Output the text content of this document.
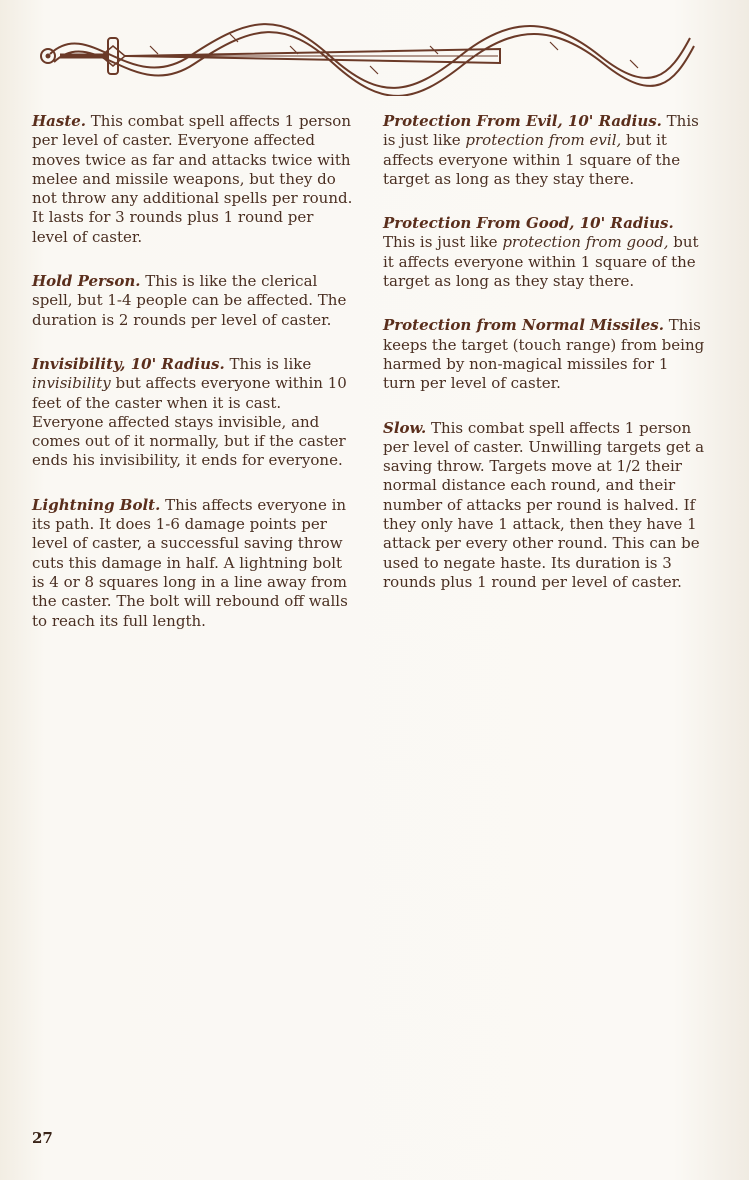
Haste. This combat spell affects 1 person per level of caster. Everyone affected moves twice as far and attacks twice with melee and missile weapons, but they do not throw any additional spells per round. It lasts for 3 rounds plus 1 round per level of caster.

Hold Person. This is like the clerical spell, but 1-4 people can be affected. The duration is 2 rounds per level of caster.

Invisibility, 10' Radius. This is like invisibility but affects everyone within 10 feet of the caster when it is cast. Everyone affected stays invisible, and comes out of it normally, but if the caster ends his invisibility, it ends for everyone.

Lightning Bolt. This affects everyone in its path. It does 1-6 damage points per level of caster, a successful saving throw cuts this damage in half. A lightning bolt is 4 or 8 squares long in a line away from the caster. The bolt will rebound off walls to reach its full length.

Protection From Evil, 10' Radius. This is just like protection from evil, but it affects everyone within 1 square of the target as long as they stay there.

Protection From Good, 10' Radius. This is just like protection from good, but it affects everyone within 1 square of the target as long as they stay there.

Protection from Normal Missiles. This keeps the target (touch range) from being harmed by non-magical missiles for 1 turn per level of caster.

Slow. This combat spell affects 1 person per level of caster. Unwilling targets get a saving throw. Targets move at 1/2 their normal distance each round, and their number of attacks per round is halved. If they only have 1 attack, then they have 1 attack per every other round. This can be used to negate haste. Its duration is 3 rounds plus 1 round per level of caster.

27
